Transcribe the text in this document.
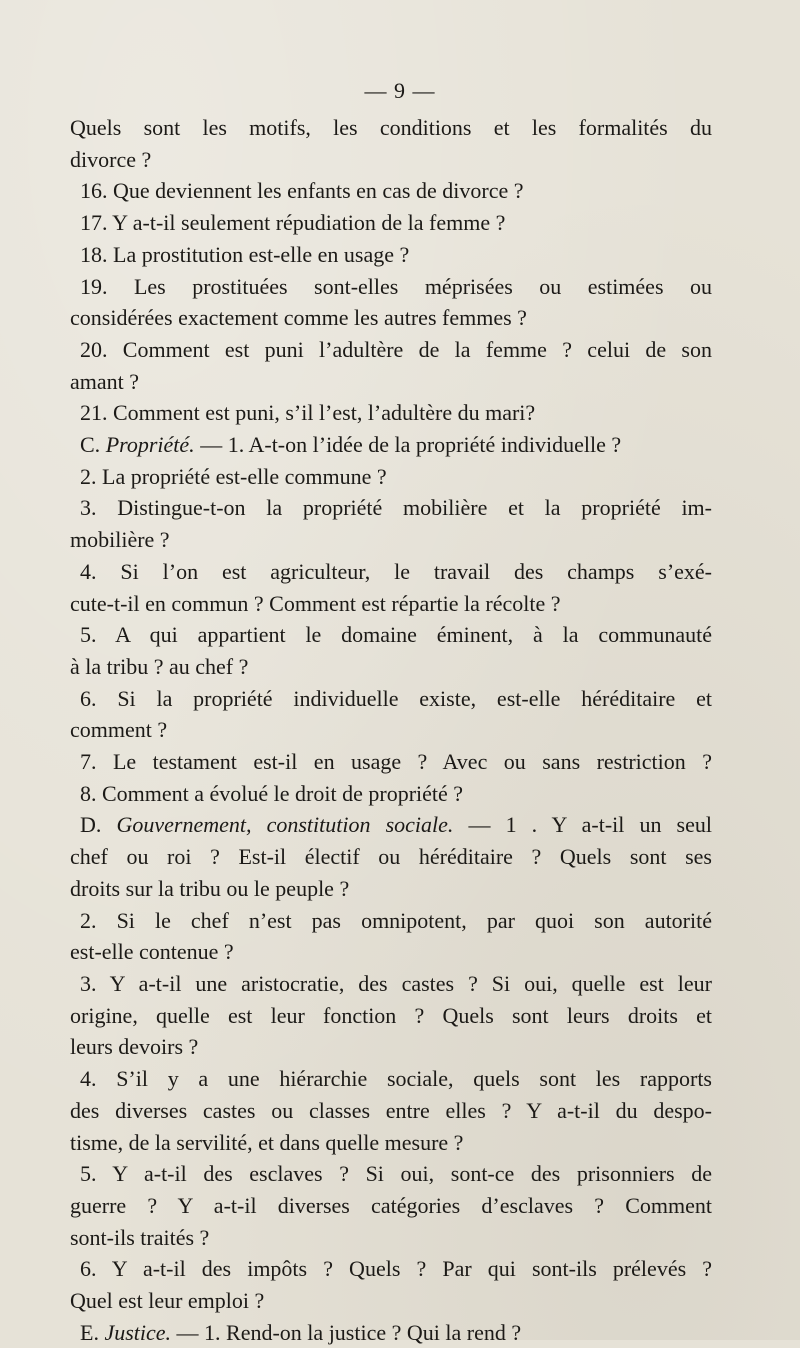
— 9 —
Quels sont les motifs, les conditions et les formalités du
divorce ?
16. Que deviennent les enfants en cas de divorce ?
17. Y a-t-il seulement répudiation de la femme ?
18. La prostitution est-elle en usage ?
19. Les prostituées sont-elles méprisées ou estimées ou
considérées exactement comme les autres femmes ?
20. Comment est puni l’adultère de la femme ? celui de son
amant ?
21. Comment est puni, s’il l’est, l’adultère du mari?
C. Propriété. — 1. A-t-on l’idée de la propriété individuelle ?
2. La propriété est-elle commune ?
3. Distingue-t-on la propriété mobilière et la propriété im-
mobilière ?
4. Si l’on est agriculteur, le travail des champs s’exé-
cute-t-il en commun ? Comment est répartie la récolte ?
5. A qui appartient le domaine éminent, à la communauté
à la tribu ? au chef ?
6. Si la propriété individuelle existe, est-elle héréditaire et
comment ?
7. Le testament est-il en usage ? Avec ou sans restriction ?
8. Comment a évolué le droit de propriété ?
D. Gouvernement, constitution sociale. — 1 . Y a-t-il un seul
chef ou roi ? Est-il électif ou héréditaire ? Quels sont ses
droits sur la tribu ou le peuple ?
2. Si le chef n’est pas omnipotent, par quoi son autorité
est-elle contenue ?
3. Y a-t-il une aristocratie, des castes ? Si oui, quelle est leur
origine, quelle est leur fonction ? Quels sont leurs droits et
leurs devoirs ?
4. S’il y a une hiérarchie sociale, quels sont les rapports
des diverses castes ou classes entre elles ? Y a-t-il du despo-
tisme, de la servilité, et dans quelle mesure ?
5. Y a-t-il des esclaves ? Si oui, sont-ce des prisonniers de
guerre ? Y a-t-il diverses catégories d’esclaves ? Comment
sont-ils traités ?
6. Y a-t-il des impôts ? Quels ? Par qui sont-ils prélevés ?
Quel est leur emploi ?
E. Justice. — 1. Rend-on la justice ? Qui la rend ?
